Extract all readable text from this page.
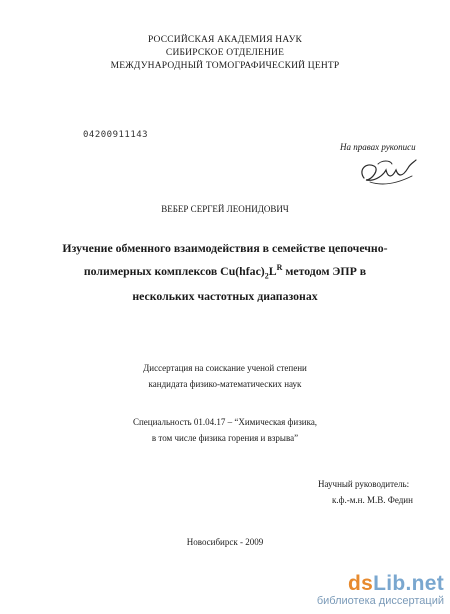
РОССИЙСКАЯ АКАДЕМИЯ НАУК
СИБИРСКОЕ ОТДЕЛЕНИЕ
МЕЖДУНАРОДНЫЙ ТОМОГРАФИЧЕСКИЙ ЦЕНТР
04200911143
На правах рукописи
ВЕБЕР СЕРГЕЙ ЛЕОНИДОВИЧ
Изучение обменного взаимодействия в семействе цепочечно-
полимерных комплексов $Cu(hfac)_2L^R$ методом ЭПР в
нескольких частотных диапазонах
Диссертация на соискание ученой степени
кандидата физико-математических наук
Специальность 01.04.17 – “Химическая физика,
в том числе физика горения и взрыва”
Научный руководитель:
к.ф.-м.н. М.В. Федин
Новосибирск - 2009
dsLib.net
библиотека диссертаций
